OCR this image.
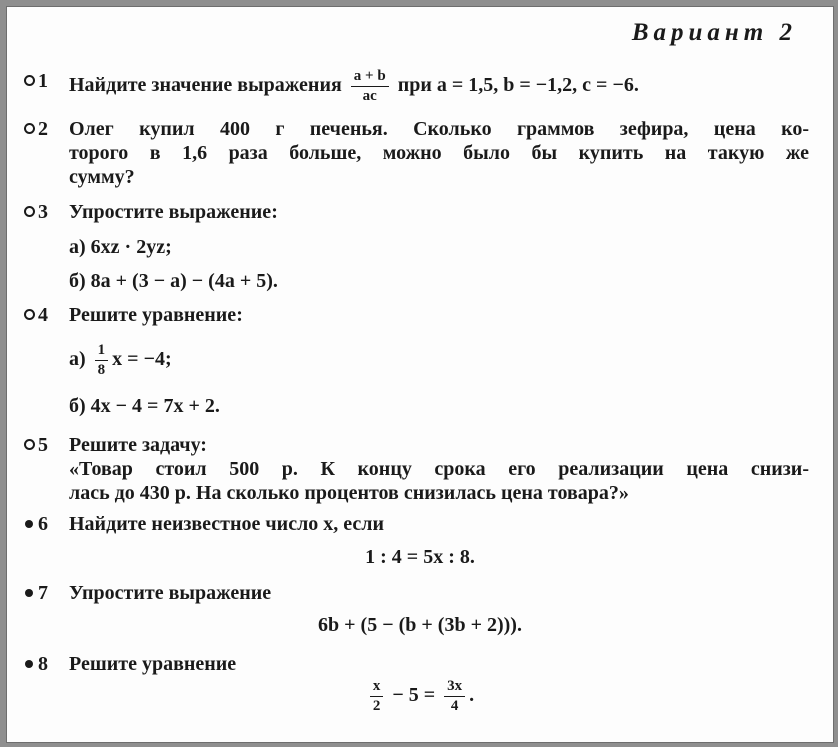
Вариант 2
1	Найдите значение выражения $\frac{a + b}{ac}$ при a = 1,5, b = −1,2, c = −6.
2	Олег купил 400 г печенья. Сколько граммов зефира, цена ко-
торого в 1,6 раза больше, можно было бы купить на такую же
сумму?
3	Упростите выражение:
а) 6xz · 2yz;
б) 8a + (3 − a) − (4a + 5).
4	Решите уравнение:
$а) \frac{1}{8}$ x = −4;
б) 4x − 4 = 7x + 2.
5	Решите задачу:
«Товар стоил 500 р. К концу срока его реализации цена снизи-
лась до 430 р. На сколько процентов снизилась цена товара?»
6	Найдите неизвестное число x, если
1 : 4 = 5x : 8.
7	Упростите выражение
6b + (5 − (b + (3b + 2))).
8	Решите уравнение
$\frac{x}{2} - 5 = \frac{3x}{4}$ .
